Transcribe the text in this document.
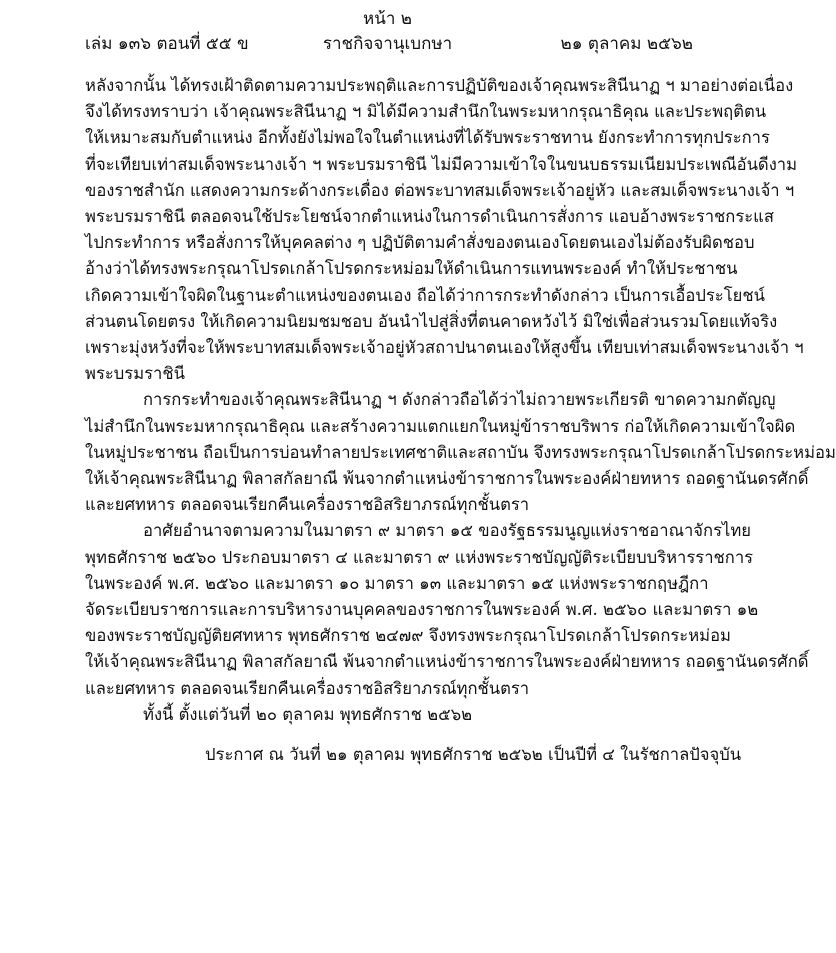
หน้า ๒
เล่ม ๑๓๖ ตอนที่ ๕๕ ข	ราชกิจจานุเบกษา	๒๑ ตุลาคม ๒๕๖๒

หลังจากนั้น ได้ทรงเฝ้าติดตามความประพฤติและการปฏิบัติของเจ้าคุณพระสินีนาฏ ฯ มาอย่างต่อเนื่อง
จึงได้ทรงทราบว่า เจ้าคุณพระสินีนาฏ ฯ มิได้มีความสำนึกในพระมหากรุณาธิคุณ และประพฤติตน
ให้เหมาะสมกับตำแหน่ง อีกทั้งยังไม่พอใจในตำแหน่งที่ได้รับพระราชทาน ยังกระทำการทุกประการ
ที่จะเทียบเท่าสมเด็จพระนางเจ้า ฯ พระบรมราชินี ไม่มีความเข้าใจในขนบธรรมเนียมประเพณีอันดีงาม
ของราชสำนัก แสดงความกระด้างกระเดื่อง ต่อพระบาทสมเด็จพระเจ้าอยู่หัว และสมเด็จพระนางเจ้า ฯ
พระบรมราชินี ตลอดจนใช้ประโยชน์จากตำแหน่งในการดำเนินการสั่งการ แอบอ้างพระราชกระแส
ไปกระทำการ หรือสั่งการให้บุคคลต่าง ๆ ปฏิบัติตามคำสั่งของตนเองโดยตนเองไม่ต้องรับผิดชอบ
อ้างว่าได้ทรงพระกรุณาโปรดเกล้าโปรดกระหม่อมให้ดำเนินการแทนพระองค์ ทำให้ประชาชน
เกิดความเข้าใจผิดในฐานะตำแหน่งของตนเอง ถือได้ว่าการกระทำดังกล่าว เป็นการเอื้อประโยชน์
ส่วนตนโดยตรง ให้เกิดความนิยมชมชอบ อันนำไปสู่สิ่งที่ตนคาดหวังไว้ มิใช่เพื่อส่วนรวมโดยแท้จริง
เพราะมุ่งหวังที่จะให้พระบาทสมเด็จพระเจ้าอยู่หัวสถาปนาตนเองให้สูงขึ้น เทียบเท่าสมเด็จพระนางเจ้า ฯ
พระบรมราชินี

การกระทำของเจ้าคุณพระสินีนาฏ ฯ ดังกล่าวถือได้ว่าไม่ถวายพระเกียรติ ขาดความกตัญญู
ไม่สำนึกในพระมหากรุณาธิคุณ และสร้างความแตกแยกในหมู่ข้าราชบริพาร ก่อให้เกิดความเข้าใจผิด
ในหมู่ประชาชน ถือเป็นการบ่อนทำลายประเทศชาติและสถาบัน จึงทรงพระกรุณาโปรดเกล้าโปรดกระหม่อม
ให้เจ้าคุณพระสินีนาฏ พิลาสกัลยาณี พ้นจากตำแหน่งข้าราชการในพระองค์ฝ่ายทหาร ถอดฐานันดรศักดิ์
และยศทหาร ตลอดจนเรียกคืนเครื่องราชอิสริยาภรณ์ทุกชั้นตรา

อาศัยอำนาจตามความในมาตรา ๙ มาตรา ๑๕ ของรัฐธรรมนูญแห่งราชอาณาจักรไทย
พุทธศักราช ๒๕๖๐ ประกอบมาตรา ๔ และมาตรา ๙ แห่งพระราชบัญญัติระเบียบบริหารราชการ
ในพระองค์ พ.ศ. ๒๕๖๐ และมาตรา ๑๐ มาตรา ๑๓ และมาตรา ๑๕ แห่งพระราชกฤษฎีกา
จัดระเบียบราชการและการบริหารงานบุคคลของราชการในพระองค์ พ.ศ. ๒๕๖๐ และมาตรา ๑๒
ของพระราชบัญญัติยศทหาร พุทธศักราช ๒๔๗๙ จึงทรงพระกรุณาโปรดเกล้าโปรดกระหม่อม
ให้เจ้าคุณพระสินีนาฏ พิลาสกัลยาณี พ้นจากตำแหน่งข้าราชการในพระองค์ฝ่ายทหาร ถอดฐานันดรศักดิ์
และยศทหาร ตลอดจนเรียกคืนเครื่องราชอิสริยาภรณ์ทุกชั้นตรา

ทั้งนี้ ตั้งแต่วันที่ ๒๐ ตุลาคม พุทธศักราช ๒๕๖๒

ประกาศ ณ วันที่ ๒๑ ตุลาคม พุทธศักราช ๒๕๖๒ เป็นปีที่ ๔ ในรัชกาลปัจจุบัน
